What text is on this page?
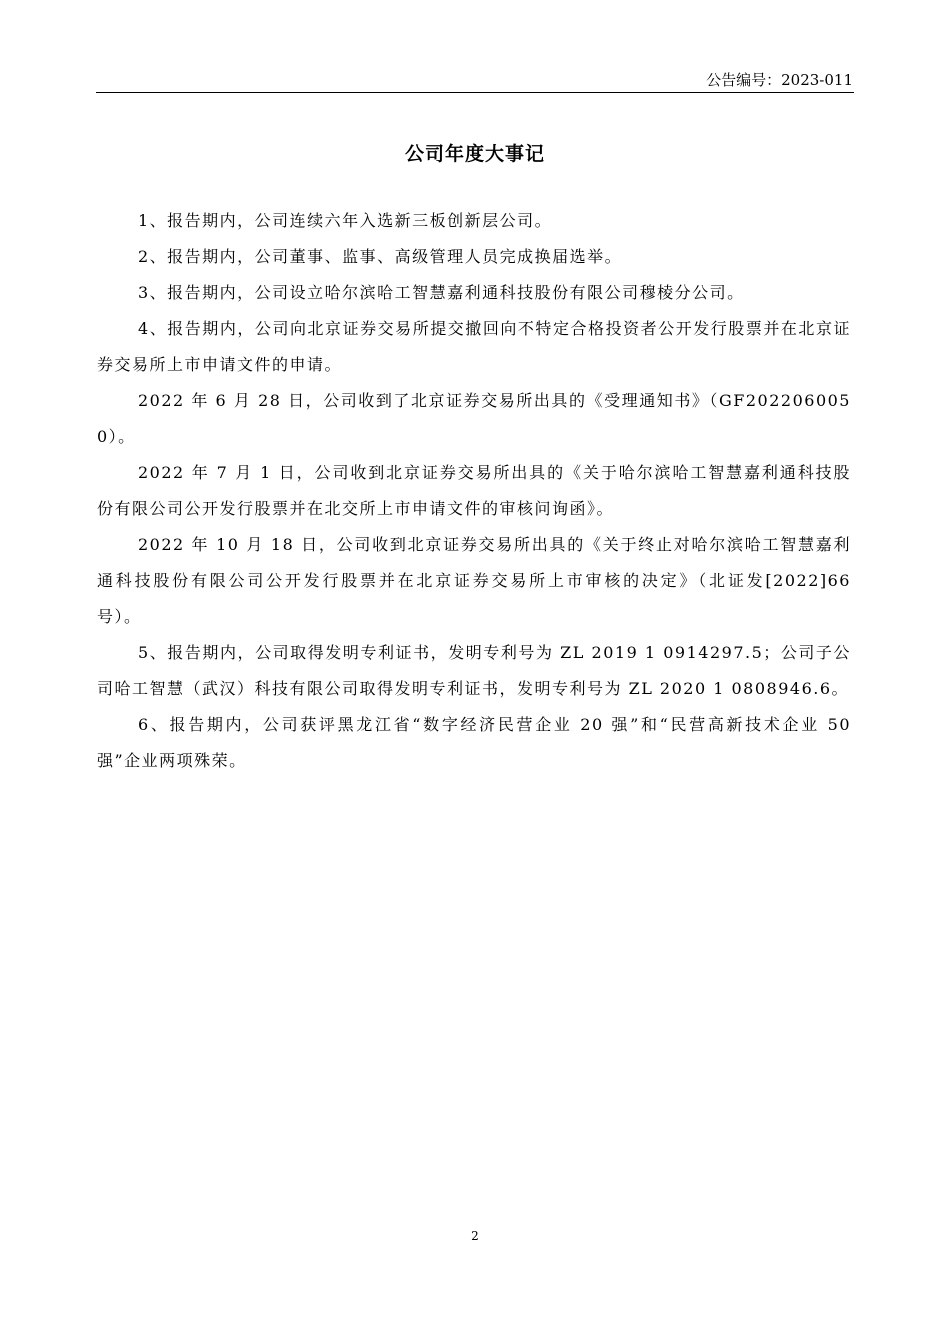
公告编号：2023-011
公司年度大事记

1、报告期内，公司连续六年入选新三板创新层公司。

2、报告期内，公司董事、监事、高级管理人员完成换届选举。

3、报告期内，公司设立哈尔滨哈工智慧嘉利通科技股份有限公司穆棱分公司。

4、报告期内，公司向北京证券交易所提交撤回向不特定合格投资者公开发行股票并在北京证券交易所上市申请文件的申请。

2022 年 6 月 28 日，公司收到了北京证券交易所出具的《受理通知书》（GF2022060050）。

2022 年 7 月 1 日，公司收到北京证券交易所出具的《关于哈尔滨哈工智慧嘉利通科技股份有限公司公开发行股票并在北交所上市申请文件的审核问询函》。

2022 年 10 月 18 日，公司收到北京证券交易所出具的《关于终止对哈尔滨哈工智慧嘉利通科技股份有限公司公开发行股票并在北京证券交易所上市审核的决定》（北证发[2022]66 号）。

5、报告期内，公司取得发明专利证书，发明专利号为 ZL 2019 1 0914297.5；公司子公司哈工智慧（武汉）科技有限公司取得发明专利证书，发明专利号为 ZL 2020 1 0808946.6。

6、报告期内，公司获评黑龙江省“数字经济民营企业 20 强”和“民营高新技术企业 50 强”企业两项殊荣。

2
